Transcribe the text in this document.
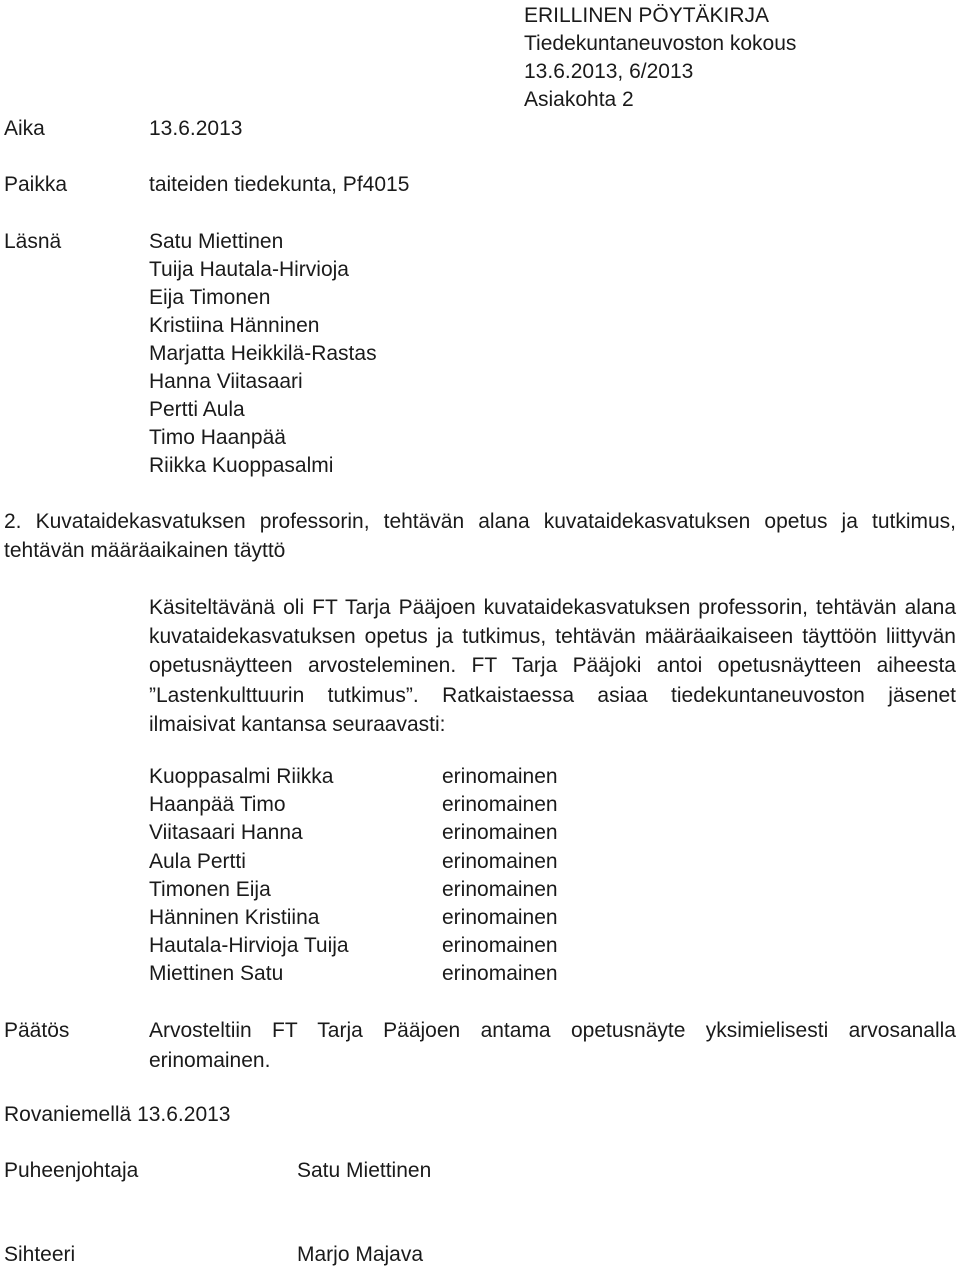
ERILLINEN PÖYTÄKIRJA
Tiedekuntaneuvoston kokous
13.6.2013, 6/2013
Asiakohta 2
Aika	13.6.2013
Paikka	taiteiden tiedekunta, Pf4015
Läsnä	Satu Miettinen
Tuija Hautala-Hirvioja
Eija Timonen
Kristiina Hänninen
Marjatta Heikkilä-Rastas
Hanna Viitasaari
Pertti Aula
Timo Haanpää
Riikka Kuoppasalmi
2. Kuvataidekasvatuksen professorin, tehtävän alana kuvataidekasvatuksen opetus ja tutkimus, tehtävän määräaikainen täyttö
Käsiteltävänä oli FT Tarja Pääjoen kuvataidekasvatuksen professorin, tehtävän alana kuvataidekasvatuksen opetus ja tutkimus, tehtävän määräaikaiseen täyttöön liittyvän opetusnäytteen arvosteleminen. FT Tarja Pääjoki antoi opetusnäytteen aiheesta ”Lastenkulttuurin tutkimus”. Ratkaistaessa asiaa tiedekuntaneuvoston jäsenet ilmaisivat kantansa seuraavasti:
Kuoppasalmi Riikka	erinomainen
Haanpää Timo	erinomainen
Viitasaari Hanna	erinomainen
Aula Pertti	erinomainen
Timonen Eija	erinomainen
Hänninen Kristiina	erinomainen
Hautala-Hirvioja Tuija	erinomainen
Miettinen Satu	erinomainen
Päätös	Arvosteltiin FT Tarja Pääjoen antama opetusnäyte yksimielisesti arvosanalla erinomainen.
Rovaniemellä 13.6.2013
Puheenjohtaja	Satu Miettinen
Sihteeri	Marjo Majava
